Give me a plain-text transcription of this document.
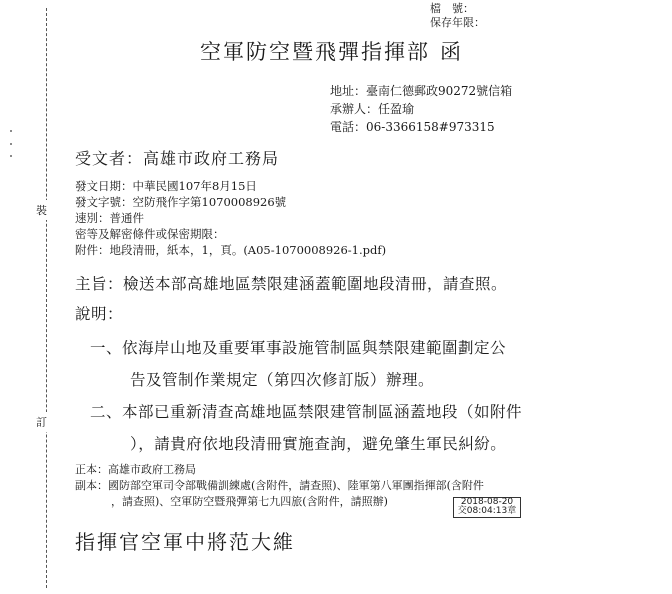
裝
訂
檔　號：
保存年限：
空軍防空暨飛彈指揮部 函
地址：臺南仁德郵政90272號信箱
承辦人：任盈瑜
電話：06-3366158#973315
受文者：高雄市政府工務局
發文日期：中華民國107年8月15日
發文字號：空防飛作字第1070008926號
速別：普通件
密等及解密條件或保密期限：
附件：地段清冊，紙本，1，頁。(A05-1070008926-1.pdf)
主旨：檢送本部高雄地區禁限建涵蓋範圍地段清冊，請查照。
說明：
一、依海岸山地及重要軍事設施管制區與禁限建範圍劃定公
告及管制作業規定（第四次修訂版）辦理。
二、本部已重新清查高雄地區禁限建管制區涵蓋地段（如附件
），請貴府依地段清冊實施查詢，避免肇生軍民糾紛。
正本：高雄市政府工務局
副本：國防部空軍司令部戰備訓練處(含附件，請查照)、陸軍第八軍團指揮部(含附件
，請查照)、空軍防空暨飛彈第七九四旅(含附件，請照辦)	2018-08-20
交08:04:13章
指揮官空軍中將范大維
